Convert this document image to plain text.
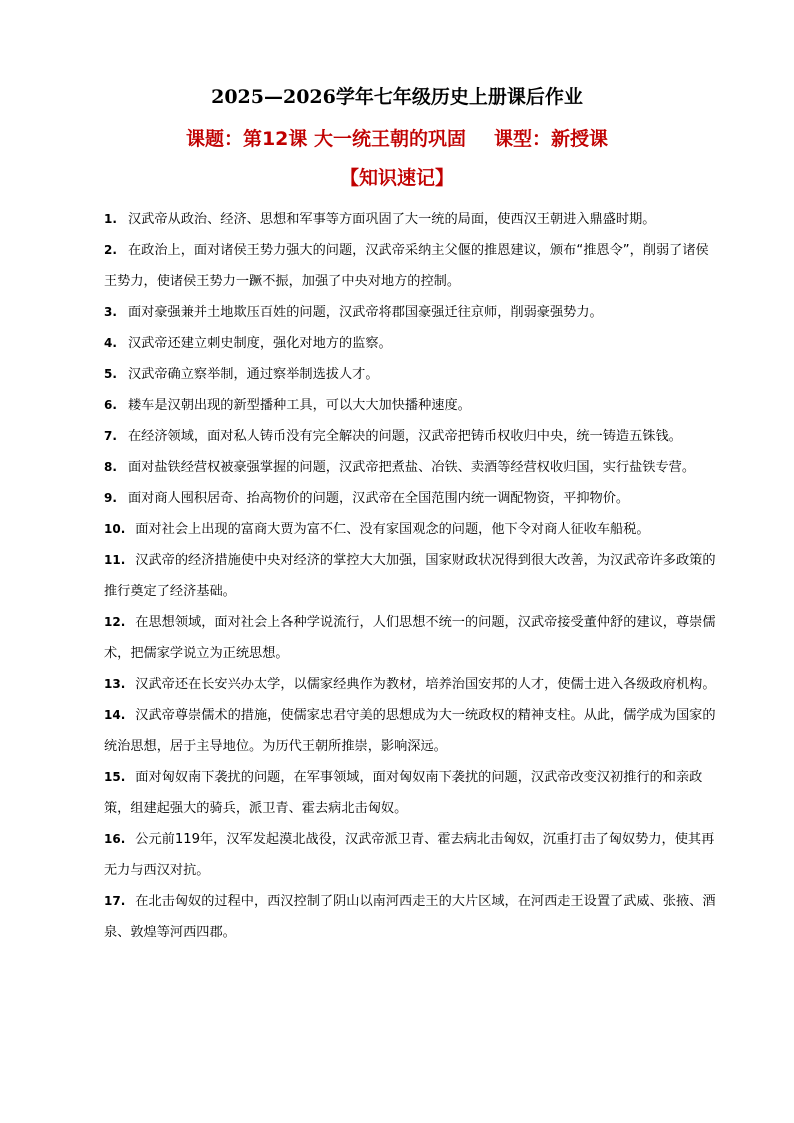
2025—2026学年七年级历史上册课后作业
课题：第12课 大一统王朝的巩固 课型：新授课
【知识速记】

1. 汉武帝从政治、经济、思想和军事等方面巩固了大一统的局面，使西汉王朝进入鼎盛时期。

2. 在政治上，面对诸侯王势力强大的问题，汉武帝采纳主父偃的推恩建议，颁布“推恩令”，削弱了诸侯王势力，使诸侯王势力一蹶不振，加强了中央对地方的控制。

3. 面对豪强兼并土地欺压百姓的问题，汉武帝将郡国豪强迁往京师，削弱豪强势力。

4. 汉武帝还建立刺史制度，强化对地方的监察。

5. 汉武帝确立察举制，通过察举制选拔人才。

6. 耧车是汉朝出现的新型播种工具，可以大大加快播种速度。

7. 在经济领域，面对私人铸币没有完全解决的问题，汉武帝把铸币权收归中央，统一铸造五铢钱。

8. 面对盐铁经营权被豪强掌握的问题，汉武帝把煮盐、冶铁、卖酒等经营权收归国，实行盐铁专营。

9. 面对商人囤积居奇、抬高物价的问题，汉武帝在全国范围内统一调配物资，平抑物价。

10. 面对社会上出现的富商大贾为富不仁、没有家国观念的问题，他下令对商人征收车船税。

11. 汉武帝的经济措施使中央对经济的掌控大大加强，国家财政状况得到很大改善，为汉武帝许多政策的推行奠定了经济基础。

12. 在思想领域，面对社会上各种学说流行，人们思想不统一的问题，汉武帝接受董仲舒的建议，尊崇儒术，把儒家学说立为正统思想。

13. 汉武帝还在长安兴办太学，以儒家经典作为教材，培养治国安邦的人才，使儒士进入各级政府机构。

14. 汉武帝尊崇儒术的措施，使儒家忠君守美的思想成为大一统政权的精神支柱。从此，儒学成为国家的统治思想，居于主导地位。为历代王朝所推崇，影响深远。

15. 面对匈奴南下袭扰的问题，在军事领域，面对匈奴南下袭扰的问题，汉武帝改变汉初推行的和亲政策，组建起强大的骑兵，派卫青、霍去病北击匈奴。

16. 公元前119年，汉军发起漠北战役，汉武帝派卫青、霍去病北击匈奴，沉重打击了匈奴势力，使其再无力与西汉对抗。

17. 在北击匈奴的过程中，西汉控制了阴山以南河西走王的大片区域，在河西走王设置了武威、张掖、酒泉、敦煌等河西四郡。
